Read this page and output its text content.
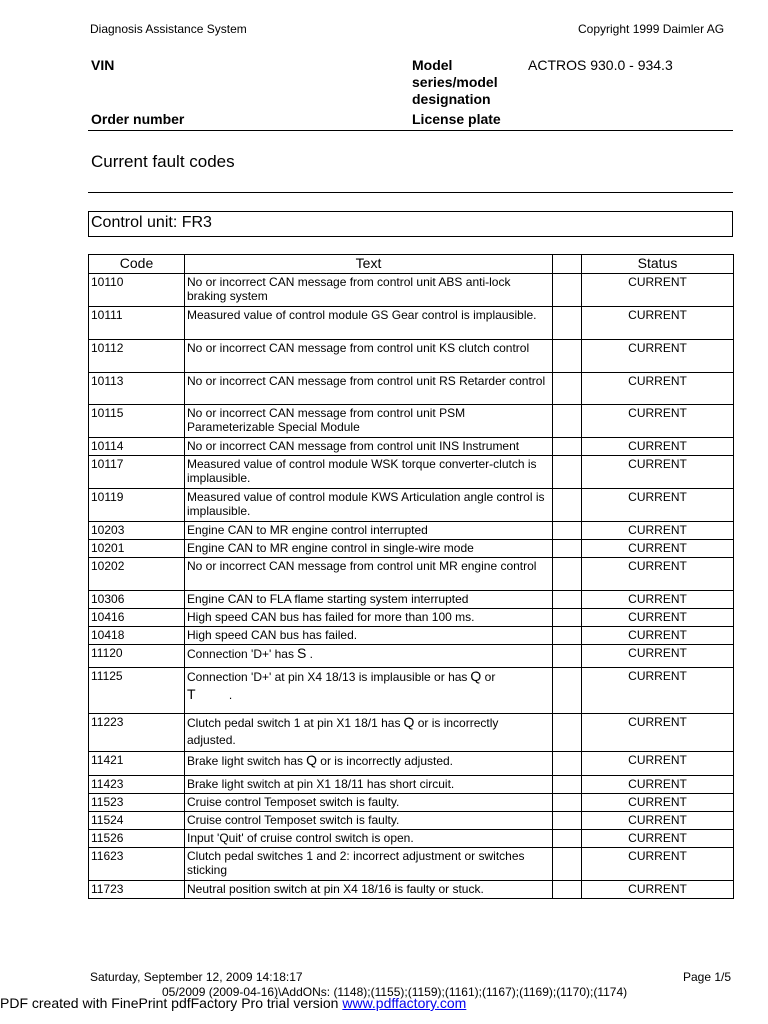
Diagnosis Assistance System	Copyright 1999 Daimler AG
VIN	Model
series/model
designation
ACTROS 930.0 - 934.3
Order number	License plate
Current fault codes
Control unit: FR3
Code	Text		Status
10110	No or incorrect CAN message from control unit ABS anti-lock braking system		CURRENT
10111	Measured value of control module GS Gear control is implausible.		CURRENT
10112	No or incorrect CAN message from control unit KS clutch control		CURRENT
10113	No or incorrect CAN message from control unit RS Retarder control		CURRENT
10115	No or incorrect CAN message from control unit PSM Parameterizable Special Module		CURRENT
10114	No or incorrect CAN message from control unit INS Instrument		CURRENT
10117	Measured value of control module WSK torque converter-clutch is implausible.		CURRENT
10119	Measured value of control module KWS Articulation angle control is implausible.		CURRENT
10203	Engine CAN to MR engine control interrupted		CURRENT
10201	Engine CAN to MR engine control in single-wire mode		CURRENT
10202	No or incorrect CAN message from control unit MR engine control		CURRENT
10306	Engine CAN to FLA flame starting system interrupted		CURRENT
10416	High speed CAN bus has failed for more than 100 ms.		CURRENT
10418	High speed CAN bus has failed.		CURRENT
11120	Connection 'D+' has S .		CURRENT
11125	Connection 'D+' at pin X4 18/13 is implausible or has Q or
T .		CURRENT
11223	Clutch pedal switch 1 at pin X1 18/1 has Q or is incorrectly
adjusted.		CURRENT
11421	Brake light switch has Q or is incorrectly adjusted.		CURRENT
11423	Brake light switch at pin X1 18/11 has short circuit.		CURRENT
11523	Cruise control Temposet switch is faulty.		CURRENT
11524	Cruise control Temposet switch is faulty.		CURRENT
11526	Input 'Quit' of cruise control switch is open.		CURRENT
11623	Clutch pedal switches 1 and 2: incorrect adjustment or switches sticking		CURRENT
11723	Neutral position switch at pin X4 18/16 is faulty or stuck.		CURRENT
Saturday, September 12, 2009 14:18:17	Page 1/5
05/2009 (2009-04-16)\AddONs: (1148);(1155);(1159);(1161);(1167);(1169);(1170);(1174)
PDF created with FinePrint pdfFactory Pro trial version www.pdffactory.com
